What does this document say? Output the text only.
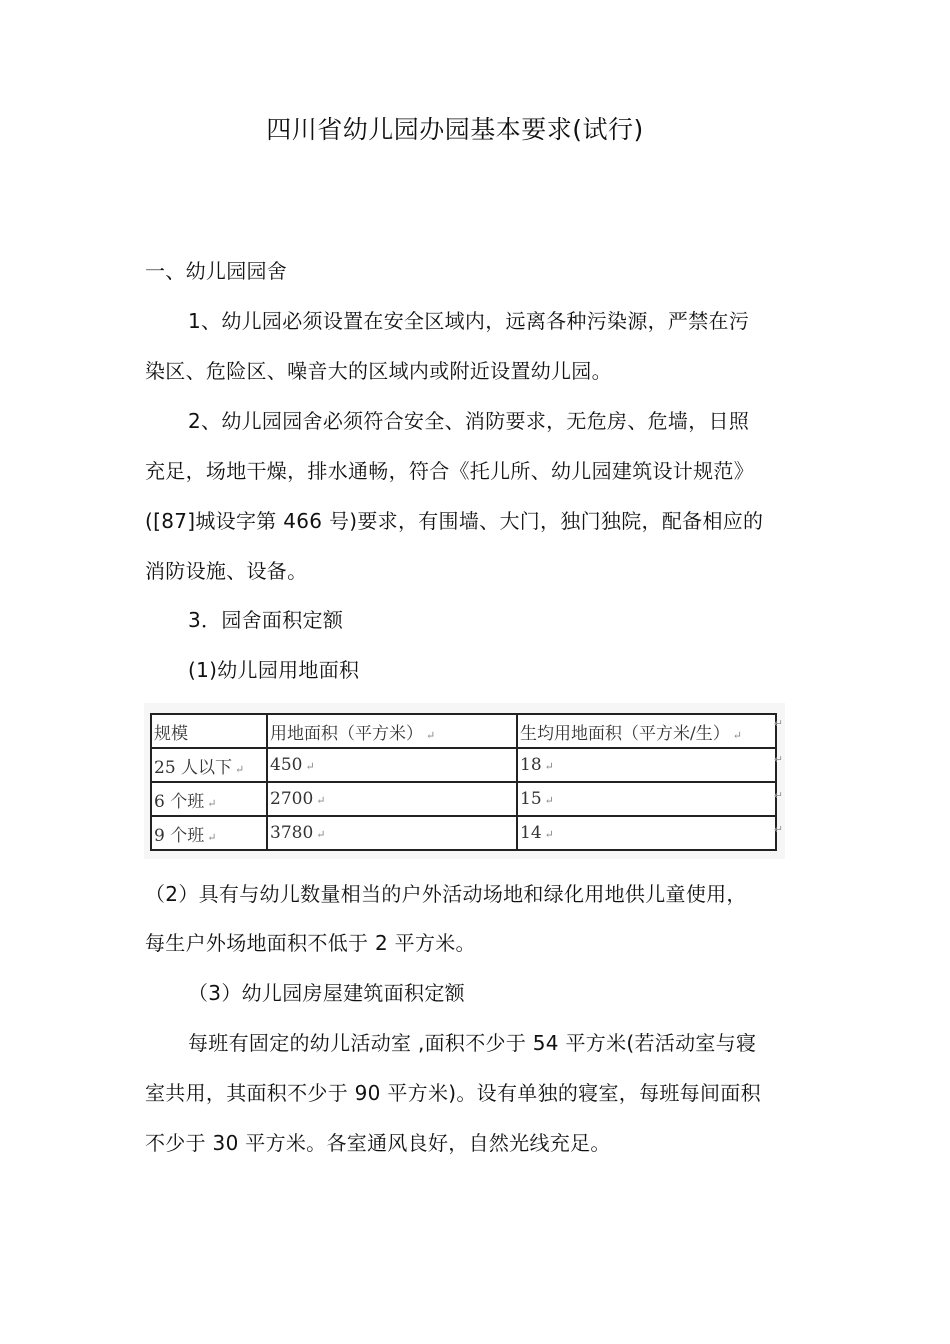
四川省幼儿园办园基本要求(试行)
一、幼儿园园舍
1、幼儿园必须设置在安全区域内，远离各种污染源，严禁在污
染区、危险区、噪音大的区域内或附近设置幼儿园。
2、幼儿园园舍必须符合安全、消防要求，无危房、危墙，日照
充足，场地干燥，排水通畅，符合《托儿所、幼儿园建筑设计规范》
([87]城设字第 466 号)要求，有围墙、大门，独门独院，配备相应的
消防设施、设备。
3．园舍面积定额
(1)幼儿园用地面积
规模	用地面积（平方米） ↵	生均用地面积（平方米/生） ↵
25 人以下 ↵	450 ↵	18 ↵
6 个班 ↵	2700 ↵	15 ↵
9 个班 ↵	3780 ↵	14 ↵
↵
↵
↵
↵
（2）具有与幼儿数量相当的户外活动场地和绿化用地供儿童使用，
每生户外场地面积不低于 2 平方米。
（3）幼儿园房屋建筑面积定额
每班有固定的幼儿活动室 ,面积不少于 54 平方米(若活动室与寝
室共用，其面积不少于 90 平方米)。设有单独的寝室，每班每间面积
不少于 30 平方米。各室通风良好，自然光线充足。
